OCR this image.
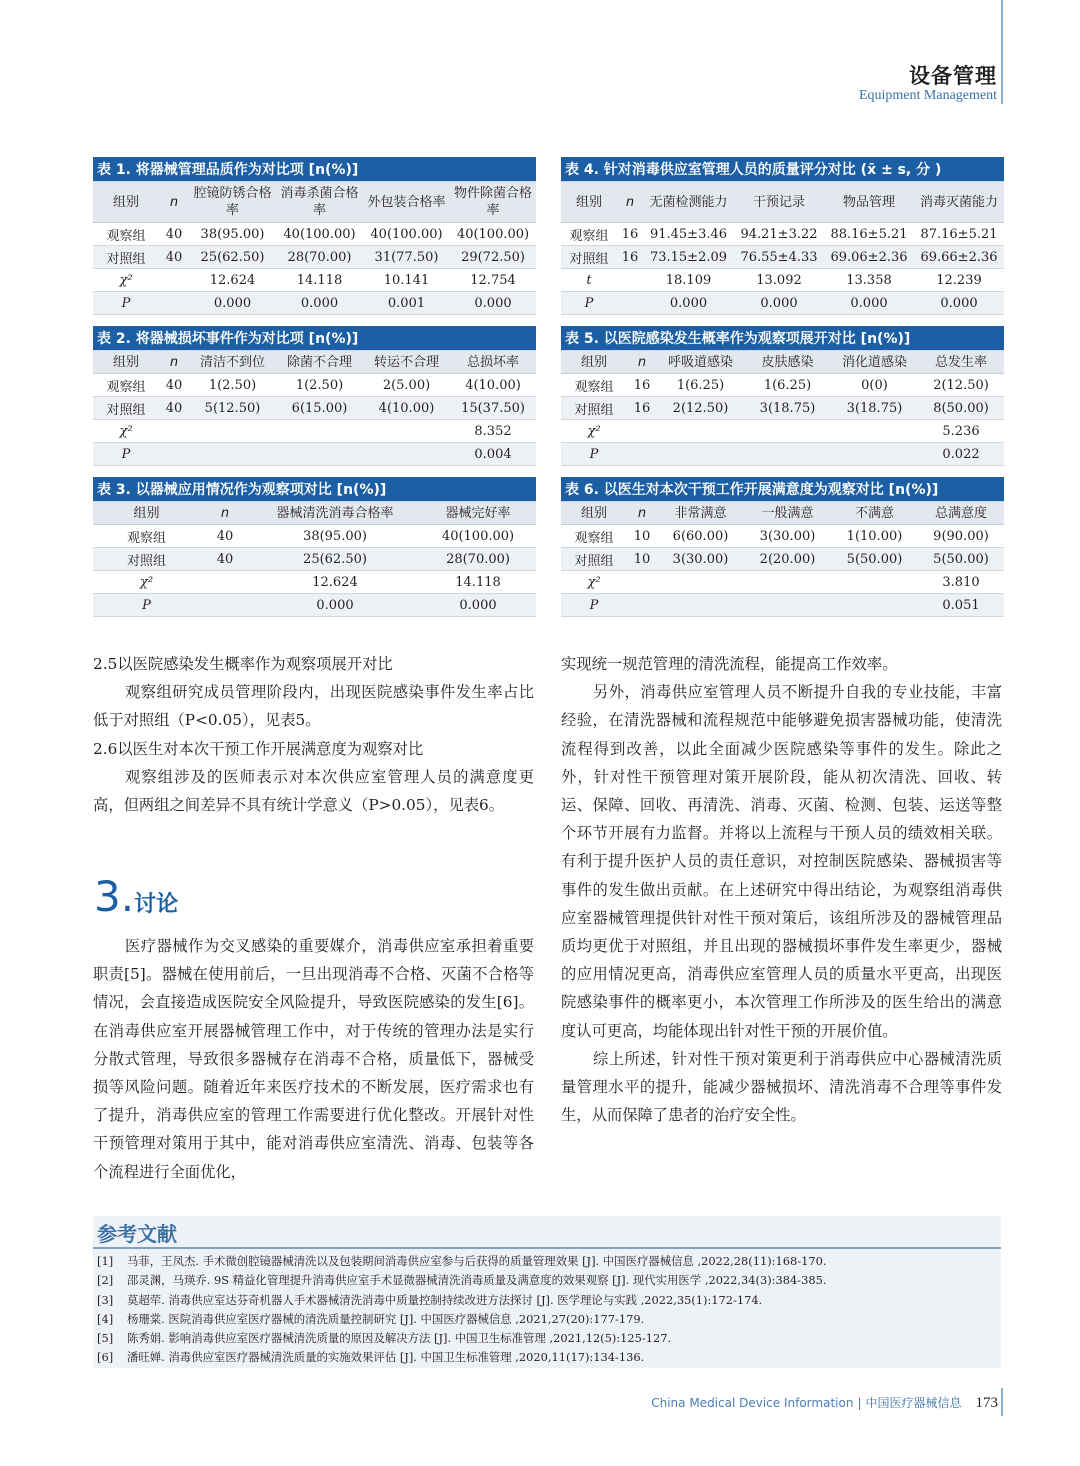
设备管理
Equipment Management
表 1. 将器械管理品质作为对比项 [n(%)]					
组别	n	腔镜防锈合格率	消毒杀菌合格率	外包装合格率	物件除菌合格率
观察组	40	38(95.00)	40(100.00)	40(100.00)	40(100.00)
对照组	40	25(62.50)	28(70.00)	31(77.50)	29(72.50)
χ²		12.624	14.118	10.141	12.754
P		0.000	0.000	0.001	0.000
表 2. 将器械损坏事件作为对比项 [n(%)]					
组别	n	清洁不到位	除菌不合理	转运不合理	总损坏率
观察组	40	1(2.50)	1(2.50)	2(5.00)	4(10.00)
对照组	40	5(12.50)	6(15.00)	4(10.00)	15(37.50)
χ²					8.352
P					0.004
表 3. 以器械应用情况作为观察项对比 [n(%)]			
组别	n	器械清洗消毒合格率	器械完好率
观察组	40	38(95.00)	40(100.00)
对照组	40	25(62.50)	28(70.00)
χ²		12.624	14.118
P		0.000	0.000
表 4. 针对消毒供应室管理人员的质量评分对比 (x̄ ± s, 分 )					
组别	n	无菌检测能力	干预记录	物品管理	消毒灭菌能力
观察组	16	91.45±3.46	94.21±3.22	88.16±5.21	87.16±5.21
对照组	16	73.15±2.09	76.55±4.33	69.06±2.36	69.66±2.36
t		18.109	13.092	13.358	12.239
P		0.000	0.000	0.000	0.000
表 5. 以医院感染发生概率作为观察项展开对比 [n(%)]					
组别	n	呼吸道感染	皮肤感染	消化道感染	总发生率
观察组	16	1(6.25)	1(6.25)	0(0)	2(12.50)
对照组	16	2(12.50)	3(18.75)	3(18.75)	8(50.00)
χ²					5.236
P					0.022
表 6. 以医生对本次干预工作开展满意度为观察对比 [n(%)]					
组别	n	非常满意	一般满意	不满意	总满意度
观察组	10	6(60.00)	3(30.00)	1(10.00)	9(90.00)
对照组	10	3(30.00)	2(20.00)	5(50.00)	5(50.00)
χ²					3.810
P					0.051

2.5以医院感染发生概率作为观察项展开对比

观察组研究成员管理阶段内，出现医院感染事件发生率占比低于对照组（P<0.05），见表5。

2.6以医生对本次干预工作开展满意度为观察对比

观察组涉及的医师表示对本次供应室管理人员的满意度更高，但两组之间差异不具有统计学意义（P>0.05），见表6。

3.讨论

医疗器械作为交叉感染的重要媒介，消毒供应室承担着重要职责[5]。器械在使用前后，一旦出现消毒不合格、灭菌不合格等情况，会直接造成医院安全风险提升，导致医院感染的发生[6]。在消毒供应室开展器械管理工作中，对于传统的管理办法是实行分散式管理，导致很多器械存在消毒不合格，质量低下，器械受损等风险问题。随着近年来医疗技术的不断发展，医疗需求也有了提升，消毒供应室的管理工作需要进行优化整改。开展针对性干预管理对策用于其中，能对消毒供应室清洗、消毒、包装等各个流程进行全面优化，

实现统一规范管理的清洗流程，能提高工作效率。

另外，消毒供应室管理人员不断提升自我的专业技能，丰富经验，在清洗器械和流程规范中能够避免损害器械功能，使清洗流程得到改善，以此全面减少医院感染等事件的发生。除此之外，针对性干预管理对策开展阶段，能从初次清洗、回收、转运、保障、回收、再清洗、消毒、灭菌、检测、包装、运送等整个环节开展有力监督。并将以上流程与干预人员的绩效相关联。有利于提升医护人员的责任意识，对控制医院感染、器械损害等事件的发生做出贡献。在上述研究中得出结论，为观察组消毒供应室器械管理提供针对性干预对策后，该组所涉及的器械管理品质均更优于对照组，并且出现的器械损坏事件发生率更少，器械的应用情况更高，消毒供应室管理人员的质量水平更高，出现医院感染事件的概率更小，本次管理工作所涉及的医生给出的满意度认可更高，均能体现出针对性干预的开展价值。

综上所述，针对性干预对策更利于消毒供应中心器械清洗质量管理水平的提升，能减少器械损坏、清洗消毒不合理等事件发生，从而保障了患者的治疗安全性。

参考文献
[1] 马菲，王凤杰. 手术微创腔镜器械清洗以及包装期间消毒供应室参与后获得的质量管理效果 [J]. 中国医疗器械信息 ,2022,28(11):168-170.
[2] 邵灵渊，马瑛乔. 9S 精益化管理提升消毒供应室手术显微器械清洗消毒质量及满意度的效果观察 [J]. 现代实用医学 ,2022,34(3):384-385.
[3] 莫超荦. 消毒供应室达芬奇机器人手术器械清洗消毒中质量控制持续改进方法探讨 [J]. 医学理论与实践 ,2022,35(1):172-174.
[4] 杨珊棠. 医院消毒供应室医疗器械的清洗质量控制研究 [J]. 中国医疗器械信息 ,2021,27(20):177-179.
[5] 陈秀娟. 影响消毒供应室医疗器械清洗质量的原因及解决方法 [J]. 中国卫生标准管理 ,2021,12(5):125-127.
[6] 潘旺婵. 消毒供应室医疗器械清洗质量的实施效果评估 [J]. 中国卫生标准管理 ,2020,11(17):134-136.
China Medical Device Information | 中国医疗器械信息 173
